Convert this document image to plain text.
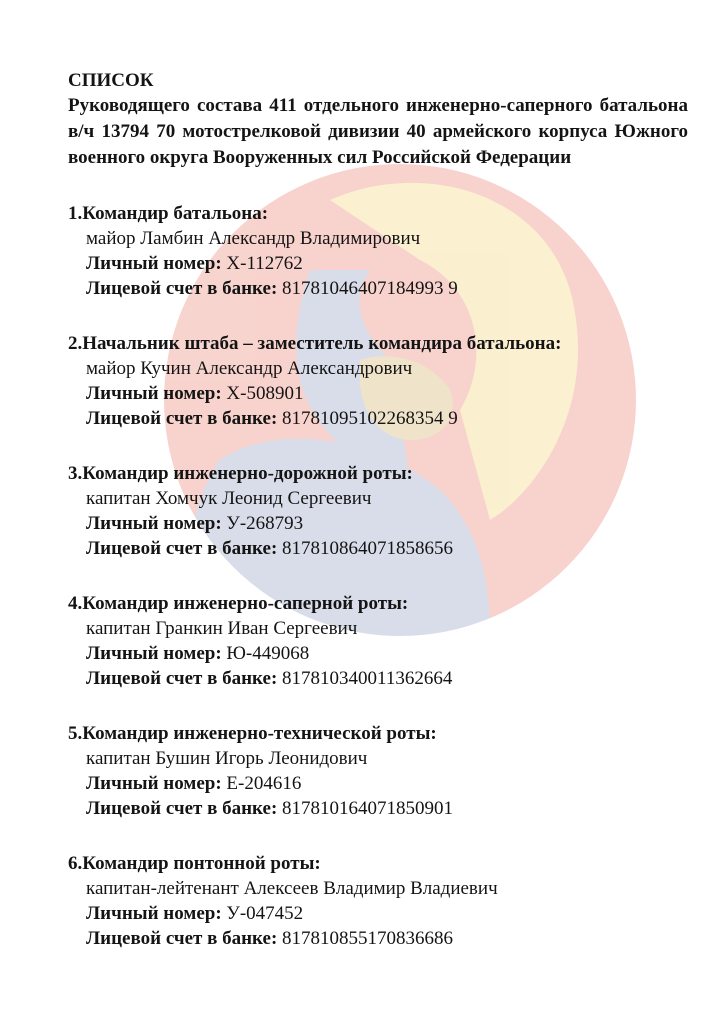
СПИСОК
Руководящего состава 411 отдельного инженерно-саперного батальона в/ч 13794 70 мотострелковой дивизии 40 армейского корпуса Южного военного округа Вооруженных сил Российской Федерации
1.Командир батальона:
майор Ламбин Александр Владимирович
Личный номер: Х-112762
Лицевой счет в банке: 81781046407184993 9
2.Начальник штаба – заместитель командира батальона:
майор Кучин Александр Александрович
Личный номер: Х-508901
Лицевой счет в банке: 81781095102268354 9
3.Командир инженерно-дорожной роты:
капитан Хомчук Леонид Сергеевич
Личный номер: У-268793
Лицевой счет в банке: 817810864071858656
4.Командир инженерно-саперной роты:
капитан Гранкин Иван Сергеевич
Личный номер: Ю-449068
Лицевой счет в банке: 817810340011362664
5.Командир инженерно-технической роты:
капитан Бушин Игорь Леонидович
Личный номер: Е-204616
Лицевой счет в банке: 817810164071850901
6.Командир понтонной роты:
капитан-лейтенант Алексеев Владимир Владиевич
Личный номер: У-047452
Лицевой счет в банке: 817810855170836686
